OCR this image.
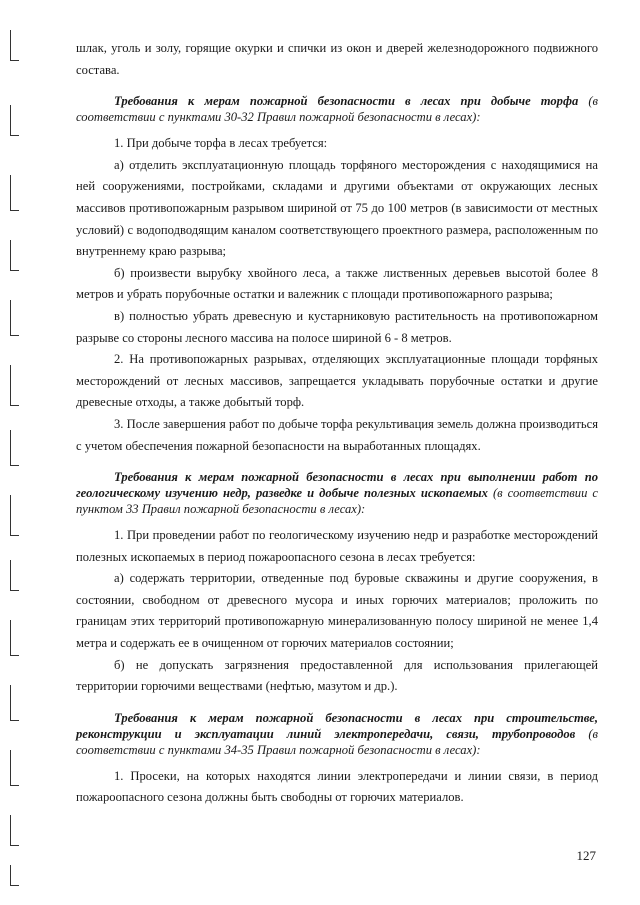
шлак, уголь и золу, горящие окурки и спички из окон и дверей железнодорожного подвижного состава.

Требования к мерам пожарной безопасности в лесах при добыче торфа (в соответствии с пунктами 30-32 Правил пожарной безопасности в лесах):

1. При добыче торфа в лесах требуется:

а) отделить эксплуатационную площадь торфяного месторождения с находящимися на ней сооружениями, постройками, складами и другими объектами от окружающих лесных массивов противопожарным разрывом шириной от 75 до 100 метров (в зависимости от местных условий) с водоподводящим каналом соответствующего проектного размера, расположенным по внутреннему краю разрыва;

б) произвести вырубку хвойного леса, а также лиственных деревьев высотой более 8 метров и убрать порубочные остатки и валежник с площади противопожарного разрыва;

в) полностью убрать древесную и кустарниковую растительность на противопожарном разрыве со стороны лесного массива на полосе шириной 6 - 8 метров.

2. На противопожарных разрывах, отделяющих эксплуатационные площади торфяных месторождений от лесных массивов, запрещается укладывать порубочные остатки и другие древесные отходы, а также добытый торф.

3. После завершения работ по добыче торфа рекультивация земель должна производиться с учетом обеспечения пожарной безопасности на выработанных площадях.

Требования к мерам пожарной безопасности в лесах при выполнении работ по геологическому изучению недр, разведке и добыче полезных ископаемых (в соответствии с пунктом 33 Правил пожарной безопасности в лесах):

1. При проведении работ по геологическому изучению недр и разработке месторождений полезных ископаемых в период пожароопасного сезона в лесах требуется:

а) содержать территории, отведенные под буровые скважины и другие сооружения, в состоянии, свободном от древесного мусора и иных горючих материалов; проложить по границам этих территорий противопожарную минерализованную полосу шириной не менее 1,4 метра и содержать ее в очищенном от горючих материалов состоянии;

б) не допускать загрязнения предоставленной для использования прилегающей территории горючими веществами (нефтью, мазутом и др.).

Требования к мерам пожарной безопасности в лесах при строительстве, реконструкции и эксплуатации линий электропередачи, связи, трубопроводов (в соответствии с пунктами 34-35 Правил пожарной безопасности в лесах):

1. Просеки, на которых находятся линии электропередачи и линии связи, в период пожароопасного сезона должны быть свободны от горючих материалов.

127
